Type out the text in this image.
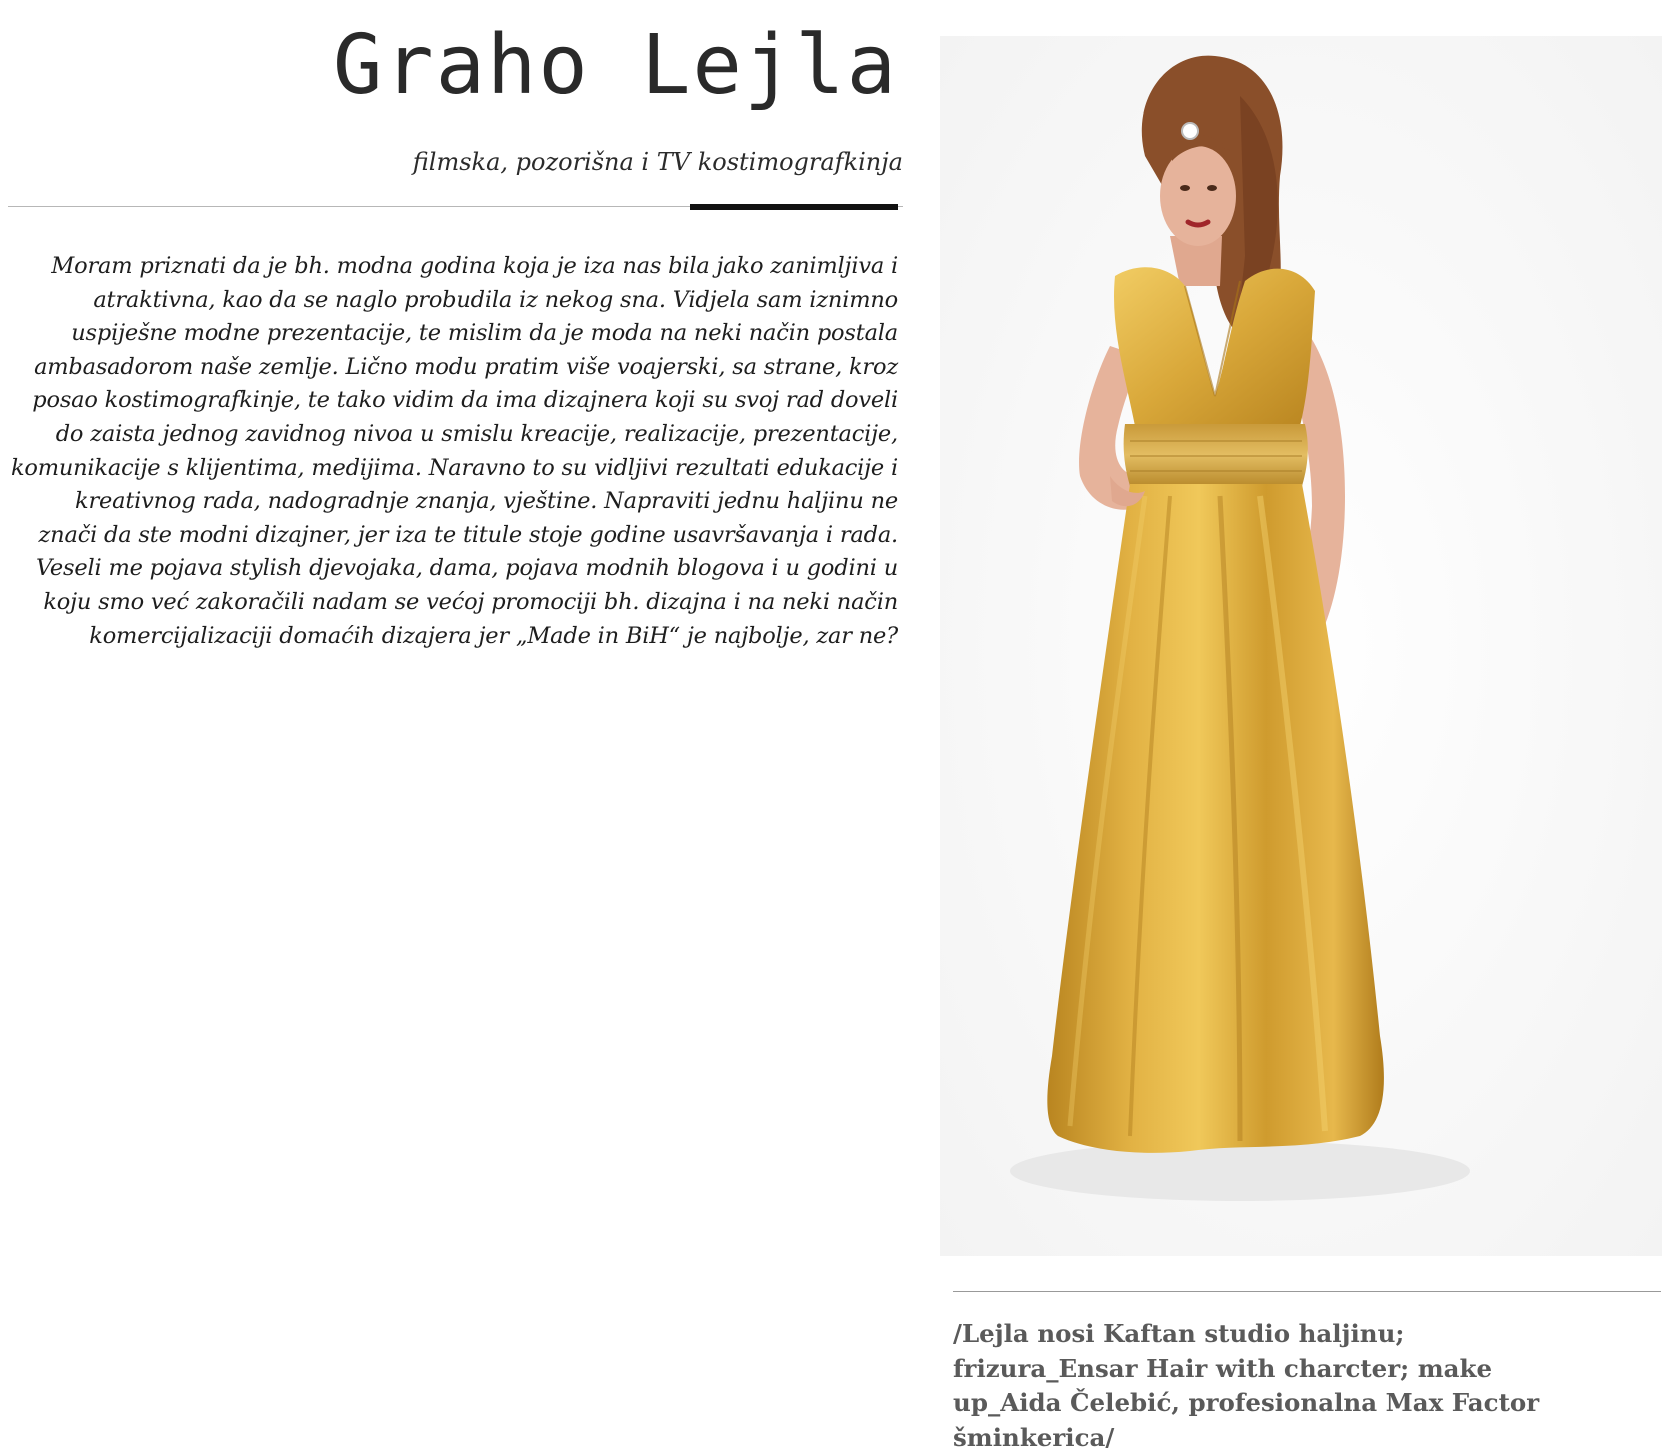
Graho Lejla
filmska, pozorišna i TV kostimografkinja
Moram priznati da je bh. modna godina koja je iza nas bila jako zanimljiva i atraktivna, kao da se naglo probudila iz nekog sna. Vidjela sam iznimno uspiješne modne prezentacije, te mislim da je moda na neki način postala ambasadorom naše zemlje. Lično modu pratim više voajerski, sa strane, kroz posao kostimografkinje, te tako vidim da ima dizajnera koji su svoj rad doveli do zaista jednog zavidnog nivoa u smislu kreacije, realizacije, prezentacije, komunikacije s klijentima, medijima. Naravno to su vidljivi rezultati edukacije i kreativnog rada, nadogradnje znanja, vještine. Napraviti jednu haljinu ne znači da ste modni dizajner, jer iza te titule stoje godine usavršavanja i rada. Veseli me pojava stylish djevojaka, dama, pojava modnih blogova i u godini u koju smo već zakoračili nadam se većoj promociji bh. dizajna i na neki način komercijalizaciji domaćih dizajera jer „Made in BiH“ je najbolje, zar ne?
/Lejla nosi Kaftan studio haljinu; frizura_Ensar Hair with charcter; make up_Aida Čelebić, profesionalna Max Factor šminkerica/
